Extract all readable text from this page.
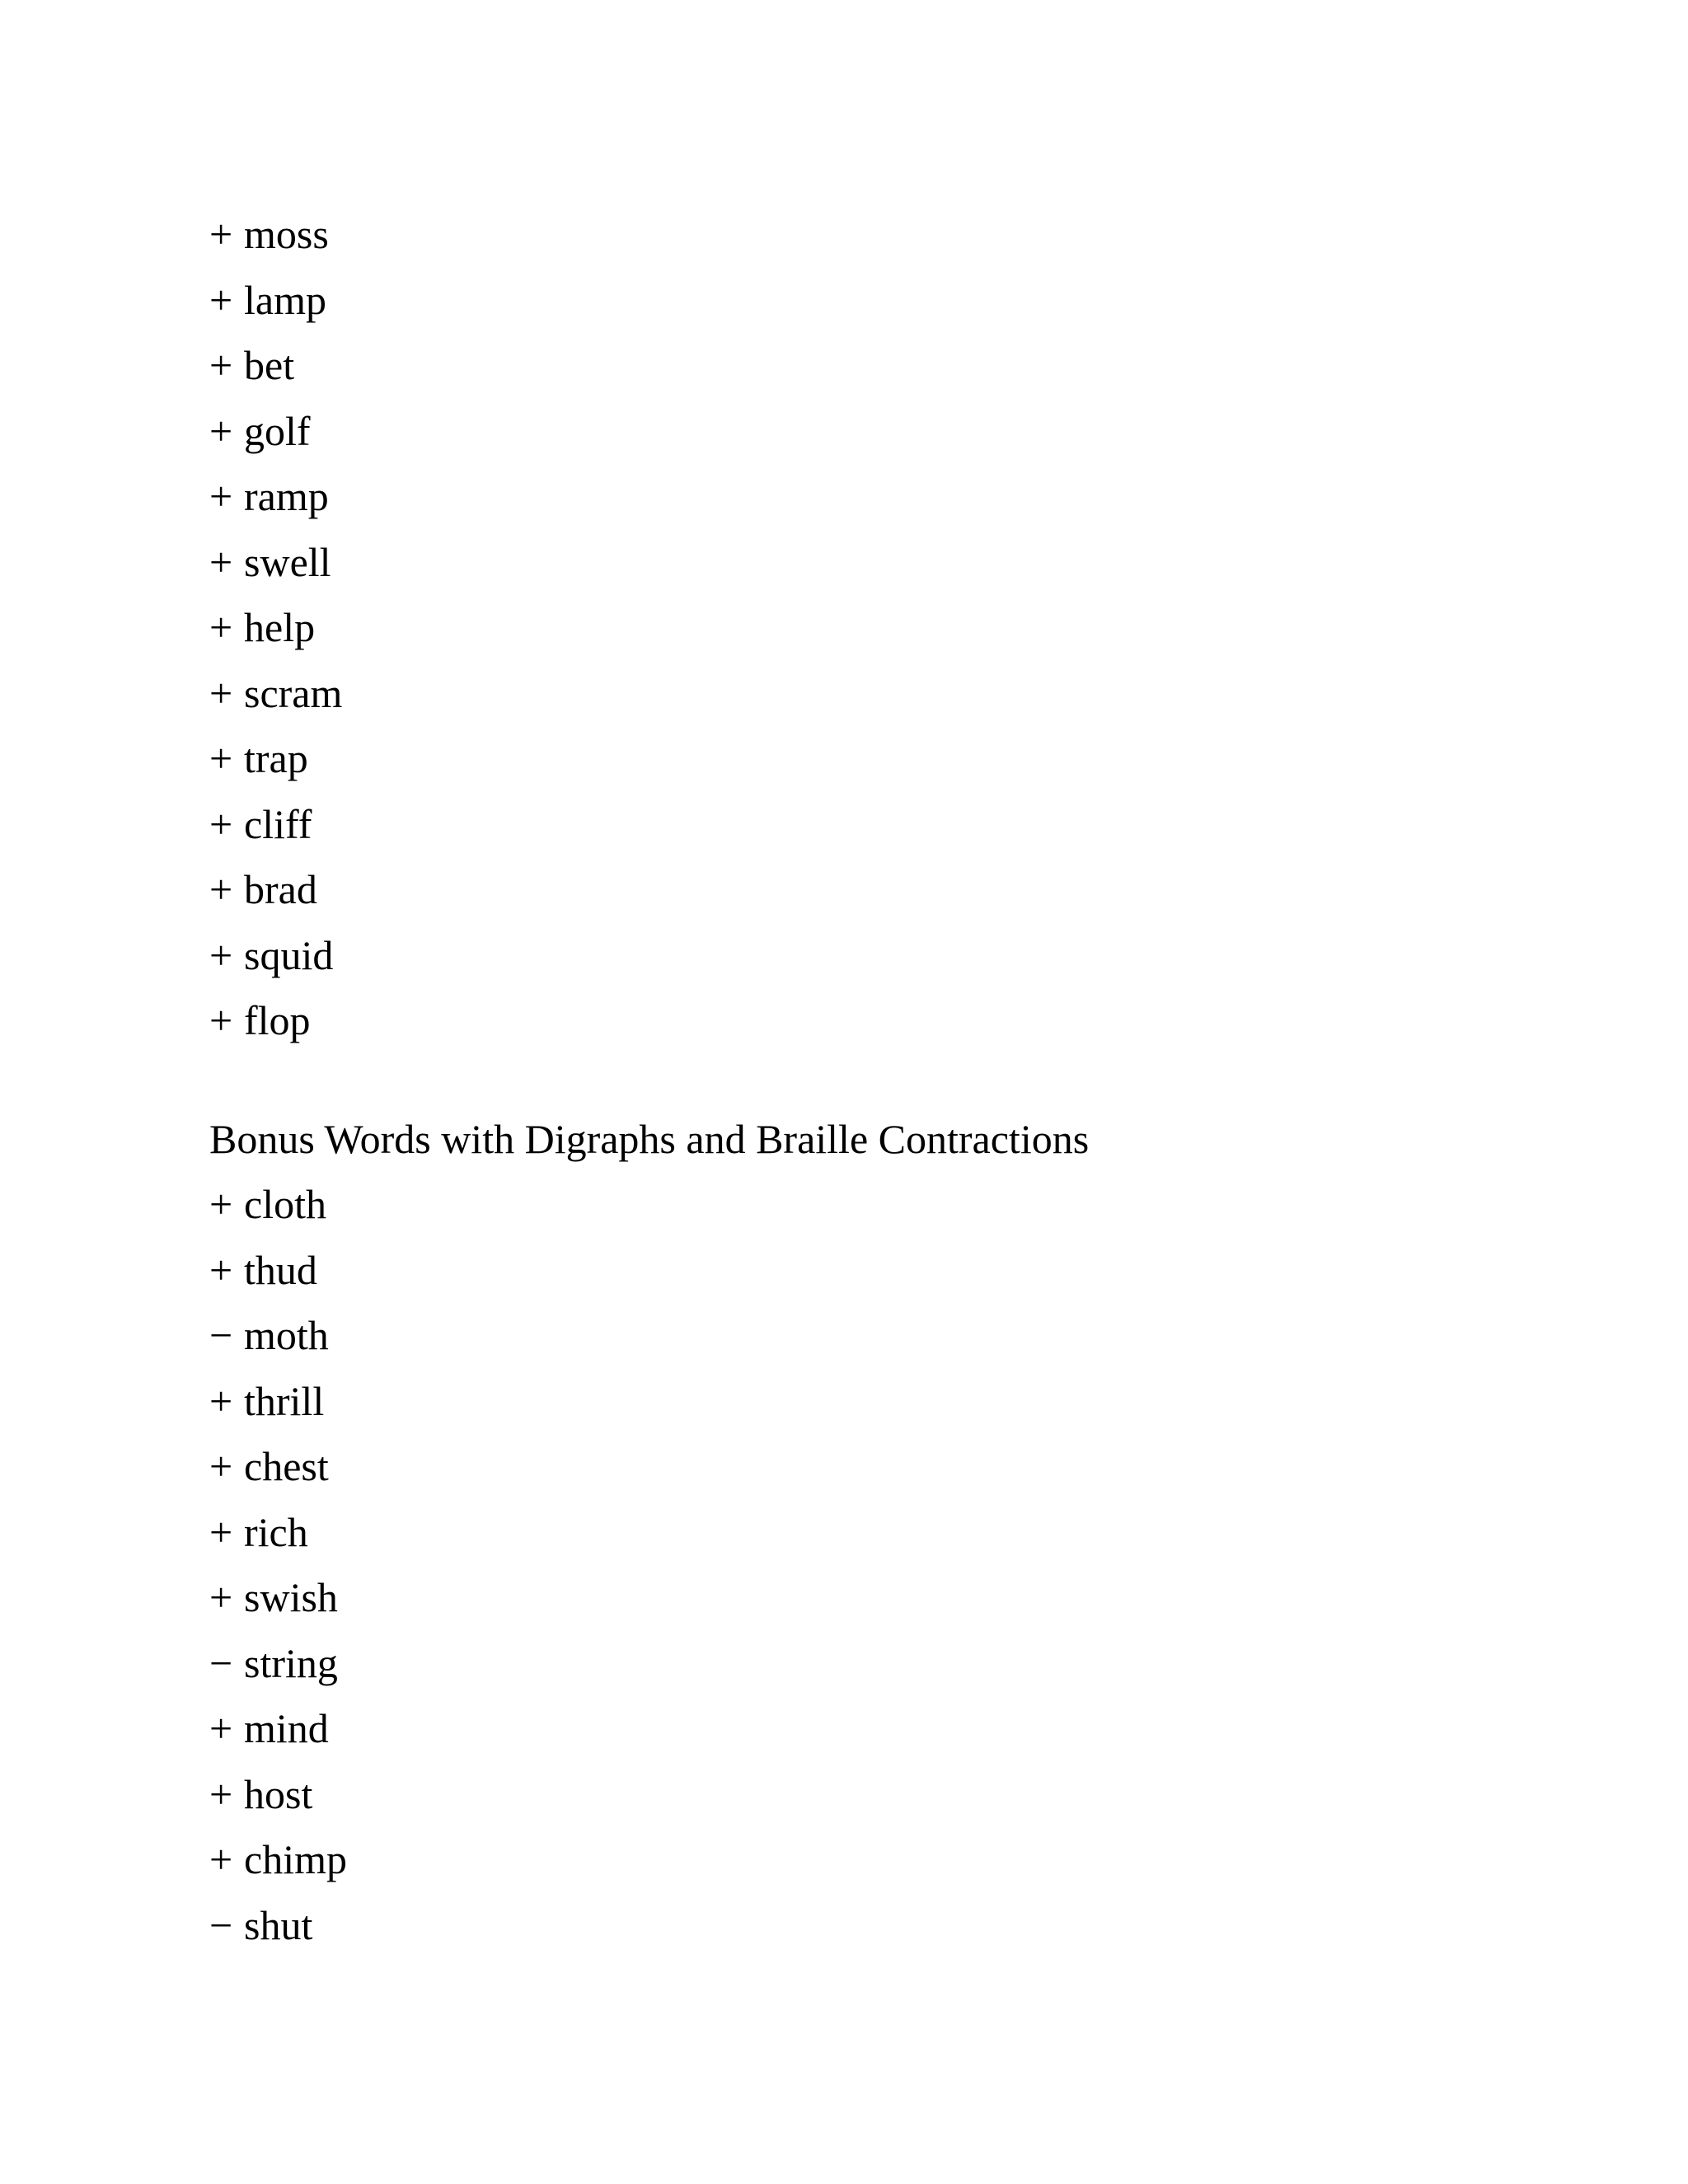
+ moss
+ lamp
+ bet
+ golf
+ ramp
+ swell
+ help
+ scram
+ trap
+ cliff
+ brad
+ squid
+ flop
Bonus Words with Digraphs and Braille Contractions
+ cloth
+ thud
− moth
+ thrill
+ chest
+ rich
+ swish
− string
+ mind
+ host
+ chimp
− shut
